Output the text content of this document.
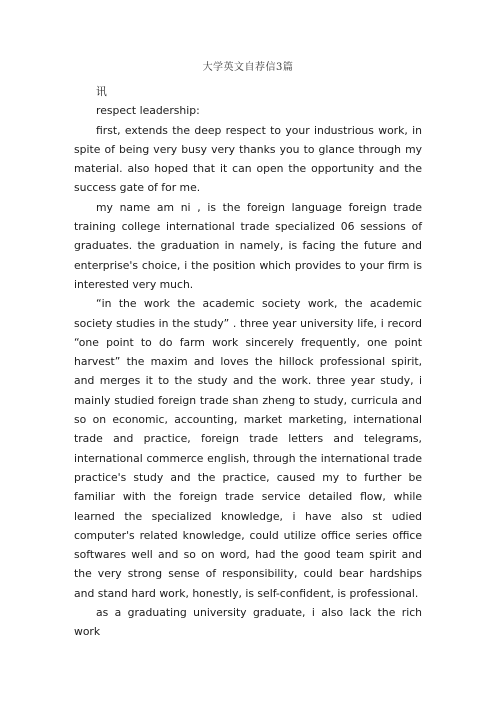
大学英文自荐信3篇

讯

respect leadership:

first, extends the deep respect to your industrious work, in spite of being very busy very thanks you to glance through my material. also hoped that it can open the opportunity and the success gate of for me.

my name am ni , is the foreign language foreign trade training college international trade specialized 06 sessions of graduates. the graduation in namely, is facing the future and enterprise's choice, i the position which provides to your firm is interested very much.

“in the work the academic society work, the academic society studies in the study” . three year university life, i record “one point to do farm work sincerely frequently, one point harvest” the maxim and loves the hillock professional spirit, and merges it to the study and the work. three year study, i mainly studied foreign trade shan zheng to study, curricula and so on economic, accounting, market marketing, international trade and practice, foreign trade letters and telegrams, international commerce english, through the international trade practice's study and the practice, caused my to further be familiar with the foreign trade service detailed flow, while learned the specialized knowledge, i have also st udied computer's related knowledge, could utilize office series office softwares well and so on word, had the good team spirit and the very strong sense of responsibility, could bear hardships and stand hard work, honestly, is self-confident, is professional.

as a graduating university graduate, i also lack the rich work
